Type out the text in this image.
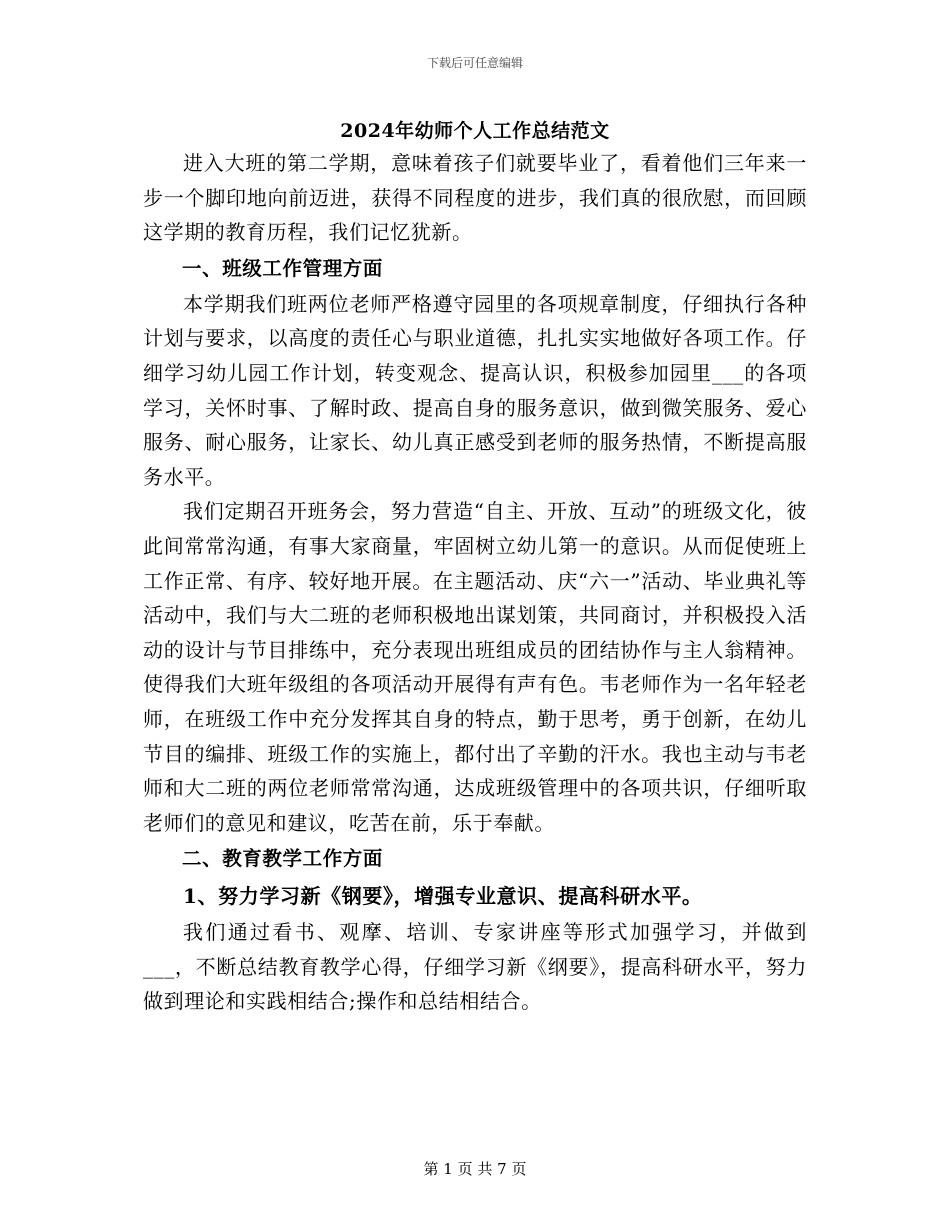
下载后可任意编辑
2024年幼师个人工作总结范文

进入大班的第二学期，意味着孩子们就要毕业了，看着他们三年来一步一个脚印地向前迈进，获得不同程度的进步，我们真的很欣慰，而回顾这学期的教育历程，我们记忆犹新。

一、班级工作管理方面

本学期我们班两位老师严格遵守园里的各项规章制度，仔细执行各种计划与要求，以高度的责任心与职业道德，扎扎实实地做好各项工作。仔细学习幼儿园工作计划，转变观念、提高认识，积极参加园里___的各项学习，关怀时事、了解时政、提高自身的服务意识，做到微笑服务、爱心服务、耐心服务，让家长、幼儿真正感受到老师的服务热情，不断提高服务水平。

我们定期召开班务会，努力营造“自主、开放、互动”的班级文化，彼此间常常沟通，有事大家商量，牢固树立幼儿第一的意识。从而促使班上工作正常、有序、较好地开展。在主题活动、庆“六一”活动、毕业典礼等活动中，我们与大二班的老师积极地出谋划策，共同商讨，并积极投入活动的设计与节目排练中，充分表现出班组成员的团结协作与主人翁精神。使得我们大班年级组的各项活动开展得有声有色。韦老师作为一名年轻老师，在班级工作中充分发挥其自身的特点，勤于思考，勇于创新，在幼儿节目的编排、班级工作的实施上，都付出了辛勤的汗水。我也主动与韦老师和大二班的两位老师常常沟通，达成班级管理中的各项共识，仔细听取老师们的意见和建议，吃苦在前，乐于奉献。

二、教育教学工作方面

1、努力学习新《钢要》，增强专业意识、提高科研水平。

我们通过看书、观摩、培训、专家讲座等形式加强学习，并做到___，不断总结教育教学心得，仔细学习新《纲要》，提高科研水平，努力做到理论和实践相结合;操作和总结相结合。

第 1 页 共 7 页
